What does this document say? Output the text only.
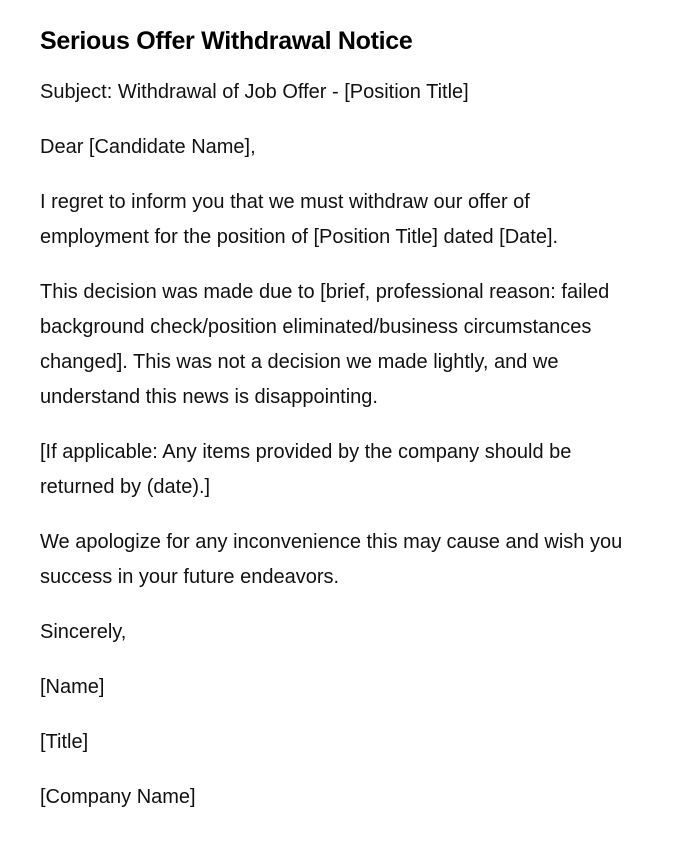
Serious Offer Withdrawal Notice

Subject: Withdrawal of Job Offer - [Position Title]

Dear [Candidate Name],

I regret to inform you that we must withdraw our offer of employment for the position of [Position Title] dated [Date].

This decision was made due to [brief, professional reason: failed background check/position eliminated/business circumstances changed]. This was not a decision we made lightly, and we understand this news is disappointing.

[If applicable: Any items provided by the company should be returned by (date).]

We apologize for any inconvenience this may cause and wish you success in your future endeavors.

Sincerely,

[Name]

[Title]

[Company Name]
